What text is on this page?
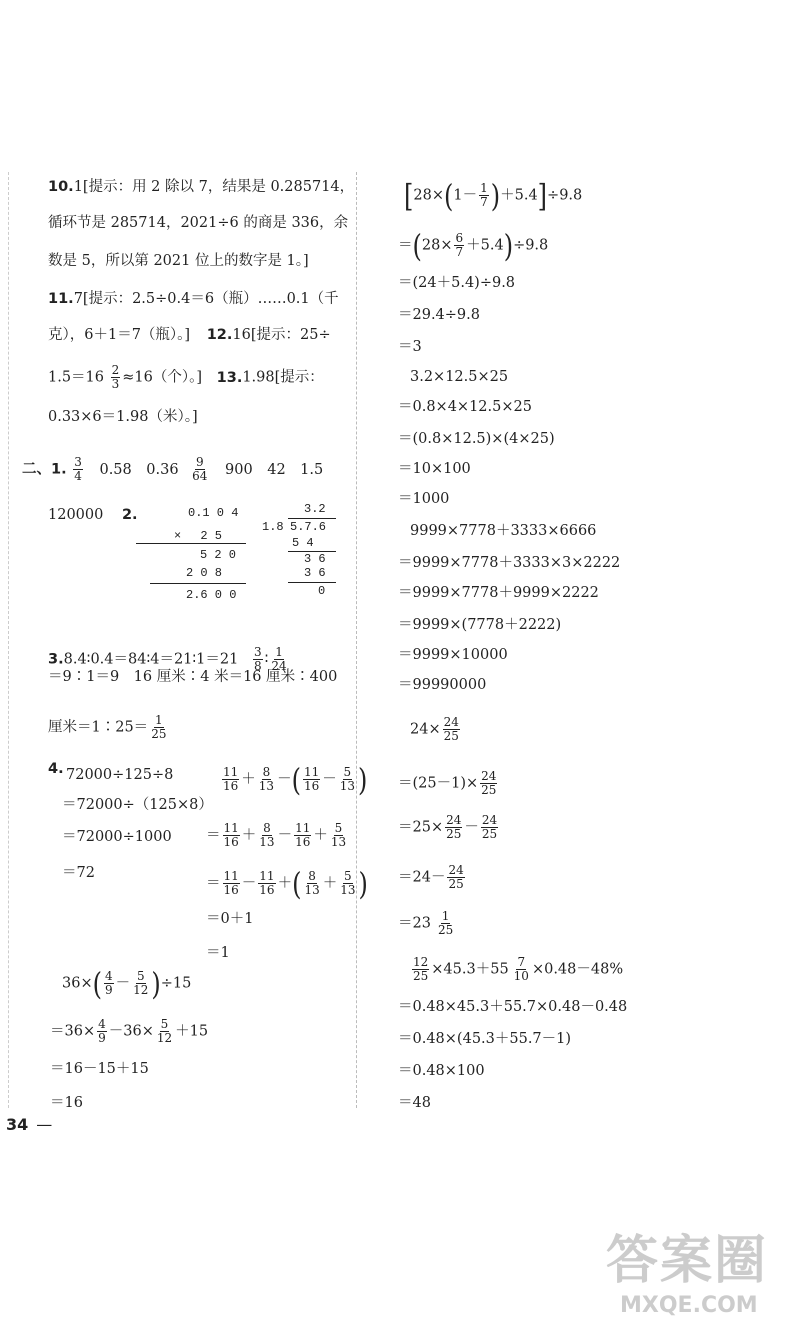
10.1[提示：用 2 除以 7，结果是 0.285714，
循环节是 285714，2021÷6 的商是 336，余
数是 5，所以第 2021 位上的数字是 1。]
11.7[提示：2.5÷0.4＝6（瓶）……0.1（千
克），6＋1＝7（瓶）。] 12.16[提示：25÷
$1.5=16 \frac{2}{3} \approx 16$（个）。] 13.1.98[提示：
0.33×6＝1.98（米）。]
二、1. $\frac{3}{4} 0.58$　$0.36 \frac{9}{64} 900$　42　1.5
120000 2.	0.1 0 4
×　 2 5
5 2 0
2 0 8
2.6 0 0
3.2
1.8 5.7.6
5 4
3 6
3 6
0
3.8.4∶0.4＝84∶4＝21∶1＝21 $\frac{3}{8}$ ∶ $\frac{1}{24}$
＝9∶1＝9　16 厘米∶4 米＝16 厘米∶400
厘米＝1∶25＝ $\frac{1}{25}$
4. 72000÷125÷8
＝72000÷（125×8）
＝72000÷1000
＝72
$\frac{11}{16} + \frac{8}{13}$ －( $\frac{11}{16} - \frac{5}{13}$ )
＝ $\frac{11}{16} + \frac{8}{13} - \frac{11}{16} + \frac{5}{13}$
＝ $\frac{11}{16} - \frac{11}{16}$ ＋( $\frac{8}{13} + \frac{5}{13}$ )
＝0＋1
＝1
$36\times( \frac{4}{9} - \frac{5}{12} )\div 15$
$=36\times \frac{4}{9} -36\times \frac{5}{12} +15$
＝16－15＋15
＝16
$[28\times(1- \frac{1}{7} )+5.4]\div 9.8$
$=(28\times \frac{6}{7} +5.4)\div 9.8$
＝(24＋5.4)÷9.8
＝29.4÷9.8
＝3
3.2×12.5×25
＝0.8×4×12.5×25
＝(0.8×12.5)×(4×25)
＝10×100
＝1000
9999×7778＋3333×6666
＝9999×7778＋3333×3×2222
＝9999×7778＋9999×2222
＝9999×(7778＋2222)
＝9999×10000
＝99990000
$24\times \frac{24}{25}$
$=(25-1)\times \frac{24}{25}$
$=25\times \frac{24}{25} - \frac{24}{25}$
$=24- \frac{24}{25}$
$=23 \frac{1}{25}$
$\frac{12}{25} \times 45.3+55 \frac{7}{10} \times 0.48-48\%$
＝0.48×45.3＋55.7×0.48－0.48
＝0.48×(45.3＋55.7－1)
＝0.48×100
＝48
34 —
答案圈
MXQE.COM
